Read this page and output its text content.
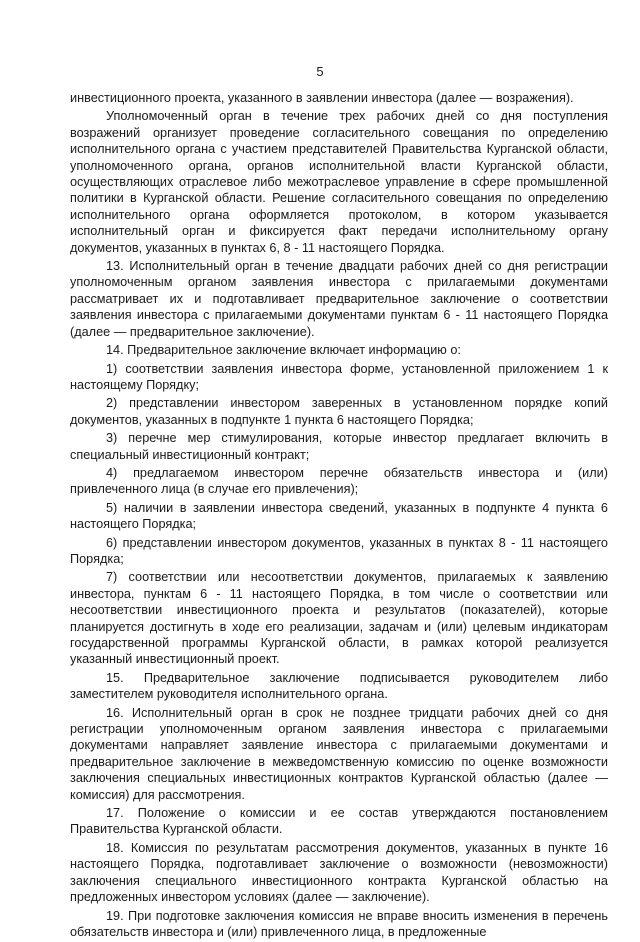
5

инвестиционного проекта, указанного в заявлении инвестора (далее — возражения).

Уполномоченный орган в течение трех рабочих дней со дня поступления возражений организует проведение согласительного совещания по определению исполнительного органа с участием представителей Правительства Курганской области, уполномоченного органа, органов исполнительной власти Курганской области, осуществляющих отраслевое либо межотраслевое управление в сфере промышленной политики в Курганской области. Решение согласительного совещания по определению исполнительного органа оформляется протоколом, в котором указывается исполнительный орган и фиксируется факт передачи исполнительному органу документов, указанных в пунктах 6, 8 - 11 настоящего Порядка.

13. Исполнительный орган в течение двадцати рабочих дней со дня регистрации уполномоченным органом заявления инвестора с прилагаемыми документами рассматривает их и подготавливает предварительное заключение о соответствии заявления инвестора с прилагаемыми документами пунктам 6 - 11 настоящего Порядка (далее — предварительное заключение).

14. Предварительное заключение включает информацию о:

1) соответствии заявления инвестора форме, установленной приложением 1 к настоящему Порядку;

2) представлении инвестором заверенных в установленном порядке копий документов, указанных в подпункте 1 пункта 6 настоящего Порядка;

3) перечне мер стимулирования, которые инвестор предлагает включить в специальный инвестиционный контракт;

4) предлагаемом инвестором перечне обязательств инвестора и (или) привлеченного лица (в случае его привлечения);

5) наличии в заявлении инвестора сведений, указанных в подпункте 4 пункта 6 настоящего Порядка;

6) представлении инвестором документов, указанных в пунктах 8 - 11 настоящего Порядка;

7) соответствии или несоответствии документов, прилагаемых к заявлению инвестора, пунктам 6 - 11 настоящего Порядка, в том числе о соответствии или несоответствии инвестиционного проекта и результатов (показателей), которые планируется достигнуть в ходе его реализации, задачам и (или) целевым индикаторам государственной программы Курганской области, в рамках которой реализуется указанный инвестиционный проект.

15. Предварительное заключение подписывается руководителем либо заместителем руководителя исполнительного органа.

16. Исполнительный орган в срок не позднее тридцати рабочих дней со дня регистрации уполномоченным органом заявления инвестора с прилагаемыми документами направляет заявление инвестора с прилагаемыми документами и предварительное заключение в межведомственную комиссию по оценке возможности заключения специальных инвестиционных контрактов Курганской областью (далее — комиссия) для рассмотрения.

17. Положение о комиссии и ее состав утверждаются постановлением Правительства Курганской области.

18. Комиссия по результатам рассмотрения документов, указанных в пункте 16 настоящего Порядка, подготавливает заключение о возможности (невозможности) заключения специального инвестиционного контракта Курганской областью на предложенных инвестором условиях (далее — заключение).

19. При подготовке заключения комиссия не вправе вносить изменения в перечень обязательств инвестора и (или) привлеченного лица, в предложенные
